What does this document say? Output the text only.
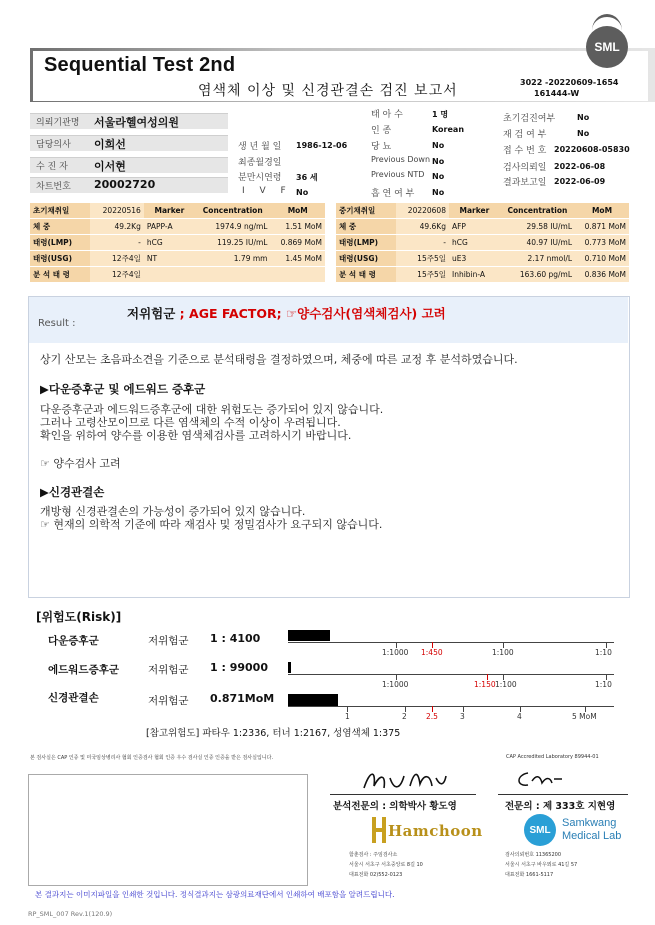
Sequential Test 2nd
염색체 이상 및 신경관결손 검진 보고서
3022 -20220609-1654
161444-W
SML
의뢰기관명 서울라헬여성의원
담당의사 이희선
수 진 자 이서현
차트번호 20002720
생 년 월 일 1986-12-06
최종월경일
분만시연령 36 세
I V F No
태 아 수	1 명
인 종	Korean
당 뇨	No
Previous Down No
Previous NTD No
흡 연 여 부 No
초기검진여부	No
재 검 여 부	No
접 수 번 호 20220608-05830
검사의뢰일 2022-06-08
결과보고일 2022-06-09
초기채취일	20220516	Marker	Concentration	MoM
체 중	49.2Kg	PAPP-A	1974.9 ng/mL	1.51 MoM
태령(LMP)	-	hCG	119.25 IU/mL	0.869 MoM
태령(USG)	12주4일	NT	1.79 mm	1.45 MoM
분 석 태 령	12주4일			
중기채취일	20220608	Marker	Concentration	MoM
체 중	49.6Kg	AFP	29.58 IU/mL	0.871 MoM
태령(LMP)	-	hCG	40.97 IU/mL	0.773 MoM
태령(USG)	15주5일	uE3	2.17 nmol/L	0.710 MoM
분 석 태 령	15주5일	Inhibin-A	163.60 pg/mL	0.836 MoM
Result :
저위험군 ; AGE FACTOR; ☞양수검사(염색체검사) 고려
상기 산모는 초음파소견을 기준으로 분석태령을 결정하였으며, 체중에 따른 교정 후 분석하였습니다.
▶다운증후군 및 에드워드 증후군
다운증후군과 에드워드증후군에 대한 위험도는 증가되어 있지 않습니다.
그러나 고령산모이므로 다른 염색체의 수적 이상이 우려됩니다.
확인을 위하여 양수를 이용한 염색체검사를 고려하시기 바랍니다.
☞ 양수검사 고려
▶신경관결손
개방형 신경관결손의 가능성이 증가되어 있지 않습니다.
☞ 현재의 의학적 기준에 따라 재검사 및 정밀검사가 요구되지 않습니다.
[위험도(Risk)]
다운증후군	저위험군 1 : 4100
1:1000 1:450	1:100	1:10
에드워드증후군	저위험군 1 : 99000
1:1000	1:150 1:100	1:10
신경관결손	저위험군 0.871MoM
1	2	2.5	3	4	5 MoM
[참고위험도] 파타우 1:2336, 터너 1:2167, 성염색체 1:375
본 검사실은 CAP 인증 및 미국임상병리사 협회 인증검사 협회 인증 우수 검사실 인증 인증을 받은 검사실입니다.	CAP Accredited Laboratory 89944-01
분석전문의 : 의학박사 황도영	전문의 : 제 333호 지현영
Hamchoon	SML
Samkwang
Medical Lab
함춘검사 : 주임검사소
서울시 서초구 서초중앙로 8길 10
대표전화 02)552-0123
검사의뢰번호 11365200
서울시 서초구 바우뫼로 41길 57
대표전화 1661-5117
본 결과지는 이미지파일을 인쇄한 것입니다. 정식결과지는 삼광의료재단에서 인쇄하여 배포함을 알려드립니다.
RP_SML_007 Rev.1(120.9)
